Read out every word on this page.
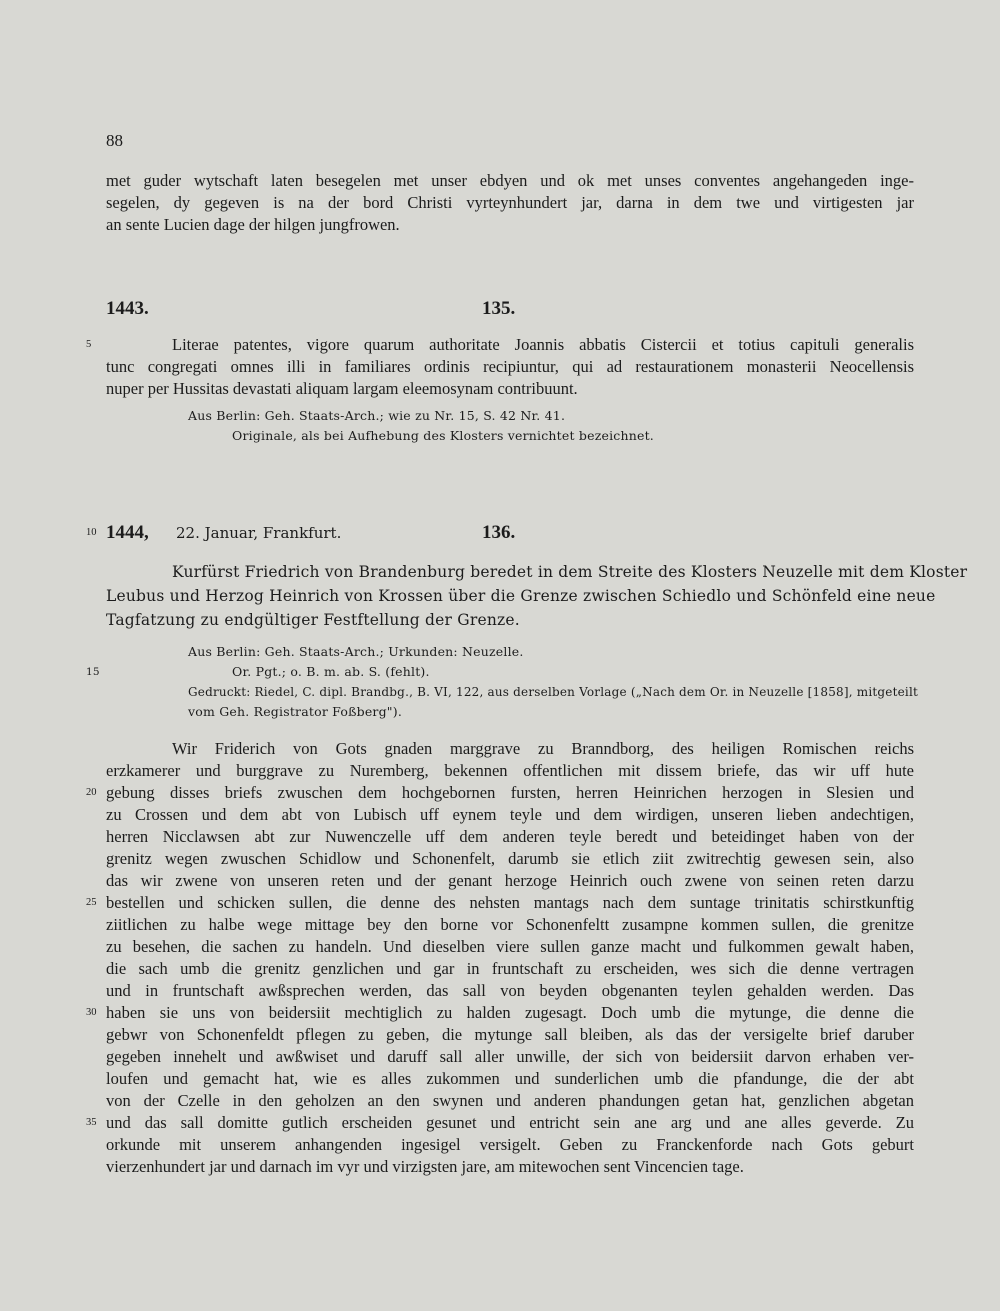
88
met guder wytschaft laten besegelen met unser ebdyen und ok met unses conventes angehangeden inge-
segelen, dy gegeven is na der bord Christi vyrteynhundert jar, darna in dem twe und virtigesten jar
an sente Lucien dage der hilgen jungfrowen.
1443.	135.
5	Literae patentes, vigore quarum authoritate Joannis abbatis Cistercii et totius capituli generalis
tunc congregati omnes illi in familiares ordinis recipiuntur, qui ad restaurationem monasterii Neocellensis
nuper per Hussitas devastati aliquam largam eleemosynam contribuunt.
Aus Berlin: Geh. Staats-Arch.; wie zu Nr. 15, S. 42 Nr. 41.
Originale, als bei Aufhebung des Klosters vernichtet bezeichnet.
10 1444, 22. Januar, Frankfurt.	136.
Kurfürst Friedrich von Brandenburg beredet in dem Streite des Klosters Neuzelle mit dem Kloster
Leubus und Herzog Heinrich von Krossen über die Grenze zwischen Schiedlo und Schönfeld eine neue
Tagfatzung zu endgültiger Festftellung der Grenze.
Aus Berlin: Geh. Staats-Arch.; Urkunden: Neuzelle.
15	Or. Pgt.; o. B. m. ab. S. (fehlt).
Gedruckt: Riedel, C. dipl. Brandbg., B. VI, 122, aus derselben Vorlage („Nach dem Or. in Neuzelle [1858], mitgeteilt
vom Geh. Registrator Foßberg").
Wir Friderich von Gots gnaden marggrave zu Branndborg, des heiligen Romischen reichs
erzkamerer und burggrave zu Nuremberg, bekennen offentlichen mit dissem briefe, das wir uff hute
20 gebung disses briefs zwuschen dem hochgebornen fursten, herren Heinrichen herzogen in Slesien und
zu Crossen und dem abt von Lubisch uff eynem teyle und dem wirdigen, unseren lieben andechtigen,
herren Nicclawsen abt zur Nuwenczelle uff dem anderen teyle beredt und beteidinget haben von der
grenitz wegen zwuschen Schidlow und Schonenfelt, darumb sie etlich ziit zwitrechtig gewesen sein, also
das wir zwene von unseren reten und der genant herzoge Heinrich ouch zwene von seinen reten darzu
25 bestellen und schicken sullen, die denne des nehsten mantags nach dem suntage trinitatis schirstkunftig
ziitlichen zu halbe wege mittage bey den borne vor Schonenfeltt zusampne kommen sullen, die grenitze
zu besehen, die sachen zu handeln. Und dieselben viere sullen ganze macht und fulkommen gewalt haben,
die sach umb die grenitz genzlichen und gar in fruntschaft zu erscheiden, wes sich die denne vertragen
und in fruntschaft awßsprechen werden, das sall von beyden obgenanten teylen gehalden werden. Das
30 haben sie uns von beidersiit mechtiglich zu halden zugesagt. Doch umb die mytunge, die denne die
gebwr von Schonenfeldt pflegen zu geben, die mytunge sall bleiben, als das der versigelte brief daruber
gegeben innehelt und awßwiset und daruff sall aller unwille, der sich von beidersiit darvon erhaben ver-
loufen und gemacht hat, wie es alles zukommen und sunderlichen umb die pfandunge, die der abt
von der Czelle in den geholzen an den swynen und anderen phandungen getan hat, genzlichen abgetan
35 und das sall domitte gutlich erscheiden gesunet und entricht sein ane arg und ane alles geverde. Zu
orkunde mit unserem anhangenden ingesigel versigelt. Geben zu Franckenforde nach Gots geburt
vierzenhundert jar und darnach im vyr und virzigsten jare, am mitewochen sent Vincencien tage.
